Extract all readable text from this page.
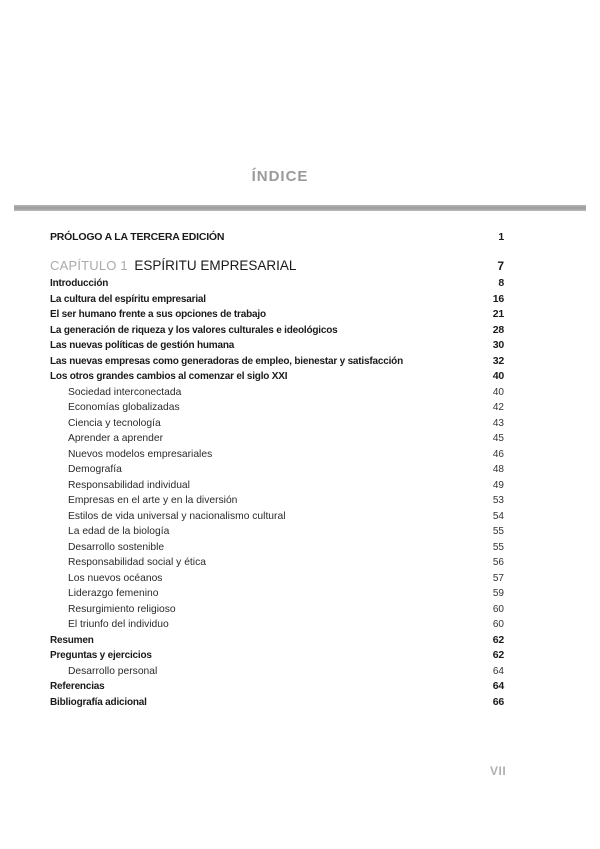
ÍNDICE
PRÓLOGO A LA TERCERA EDICIÓN	1
CAPÍTULO 1 ESPÍRITU EMPRESARIAL	7
Introducción	8
La cultura del espíritu empresarial	16
El ser humano frente a sus opciones de trabajo	21
La generación de riqueza y los valores culturales e ideológicos	28
Las nuevas políticas de gestión humana	30
Las nuevas empresas como generadoras de empleo, bienestar y satisfacción	32
Los otros grandes cambios al comenzar el siglo XXI	40
Sociedad interconectada	40
Economías globalizadas	42
Ciencia y tecnología	43
Aprender a aprender	45
Nuevos modelos empresariales	46
Demografía	48
Responsabilidad individual	49
Empresas en el arte y en la diversión	53
Estilos de vida universal y nacionalismo cultural	54
La edad de la biología	55
Desarrollo sostenible	55
Responsabilidad social y ética	56
Los nuevos océanos	57
Liderazgo femenino	59
Resurgimiento religioso	60
El triunfo del individuo	60
Resumen	62
Preguntas y ejercicios	62
Desarrollo personal	64
Referencias	64
Bibliografía adicional	66
VII
